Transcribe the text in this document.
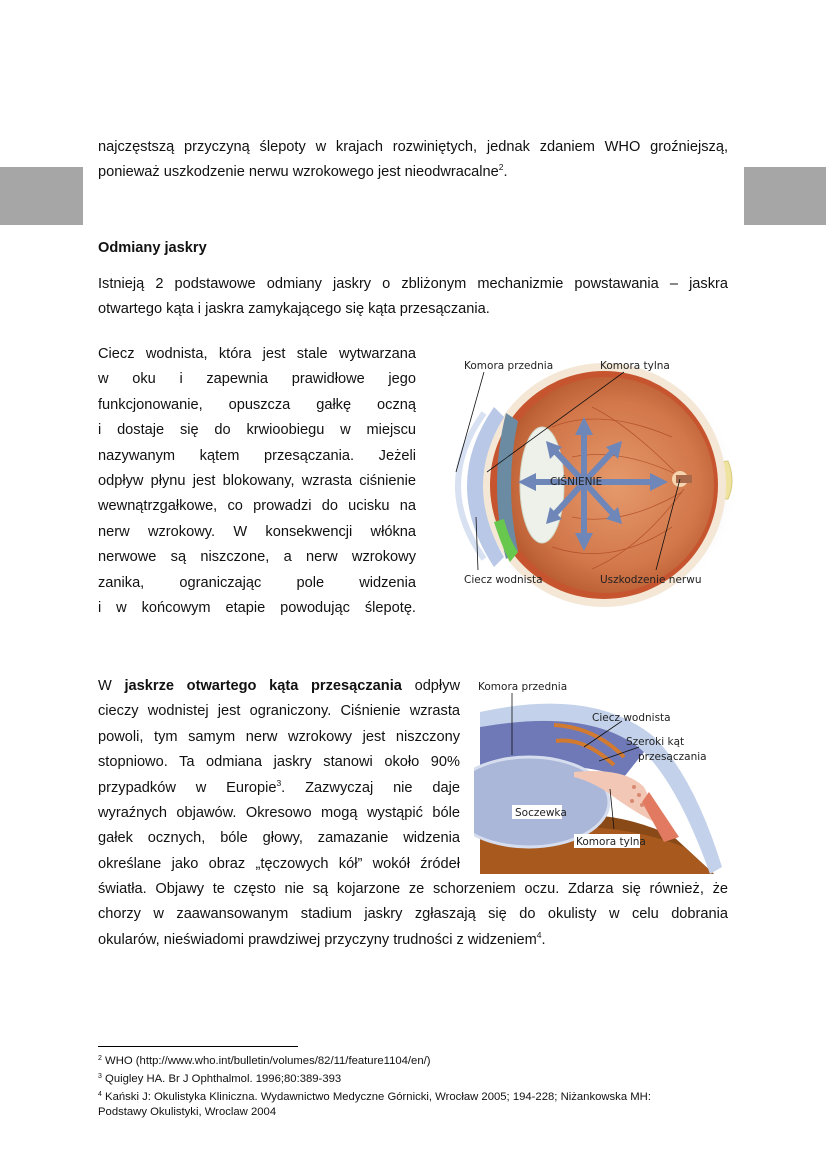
najczęstszą przyczyną ślepoty w krajach rozwiniętych, jednak zdaniem WHO groźniejszą,
ponieważ uszkodzenie nerwu wzrokowego jest nieodwracalne$^2$.
Odmiany jaskry
Istnieją 2 podstawowe odmiany jaskry o zbliżonym mechanizmie powstawania – jaskra
otwartego kąta i jaskra zamykającego się kąta przesączania.
Ciecz wodnista, która jest stale wytwarzana
w oku i zapewnia prawidłowe jego
funkcjonowanie, opuszcza gałkę oczną
i dostaje się do krwioobiegu w miejscu
nazywanym kątem przesączania. Jeżeli
odpływ płynu jest blokowany, wzrasta ciśnienie
wewnątrzgałkowe, co prowadzi do ucisku na
nerw wzrokowy. W konsekwencji włókna
nerwowe są niszczone, a nerw wzrokowy
zanika, ograniczając pole widzenia
i w końcowym etapie powodując ślepotę.
Komora przednia	Komora tylna
CIŚNIENIE
Ciecz wodnista	Uszkodzenie nerwu
W jaskrze otwartego kąta przesączania odpływ
cieczy wodnistej jest ograniczony. Ciśnienie wzrasta
powoli, tym samym nerw wzrokowy jest niszczony
stopniowo. Ta odmiana jaskry stanowi około 90%
przypadków w Europie$^3$. Zazwyczaj nie daje
wyraźnych objawów. Okresowo mogą wystąpić bóle
gałek ocznych, bóle głowy, zamazanie widzenia
określane jako obraz „tęczowych kół” wokół źródeł
światła. Objawy te często nie są kojarzone ze schorzeniem oczu. Zdarza się również, że
chorzy w zaawansowanym stadium jaskry zgłaszają się do okulisty w celu dobrania
okularów, nieświadomi prawdziwej przyczyny trudności z widzeniem$^4$.
Komora przednia
Ciecz wodnista
Szeroki kąt
przesączania
Soczewka
Komora tylna
$^2$ WHO (http://www.who.int/bulletin/volumes/82/11/feature1104/en/)
$^3$ Quigley HA. Br J Ophthalmol. 1996;80:389-393
$^4$ Kański J: Okulistyka Kliniczna. Wydawnictwo Medyczne Górnicki, Wrocław 2005; 194-228; Niżankowska MH:
Podstawy Okulistyki, Wroclaw 2004
